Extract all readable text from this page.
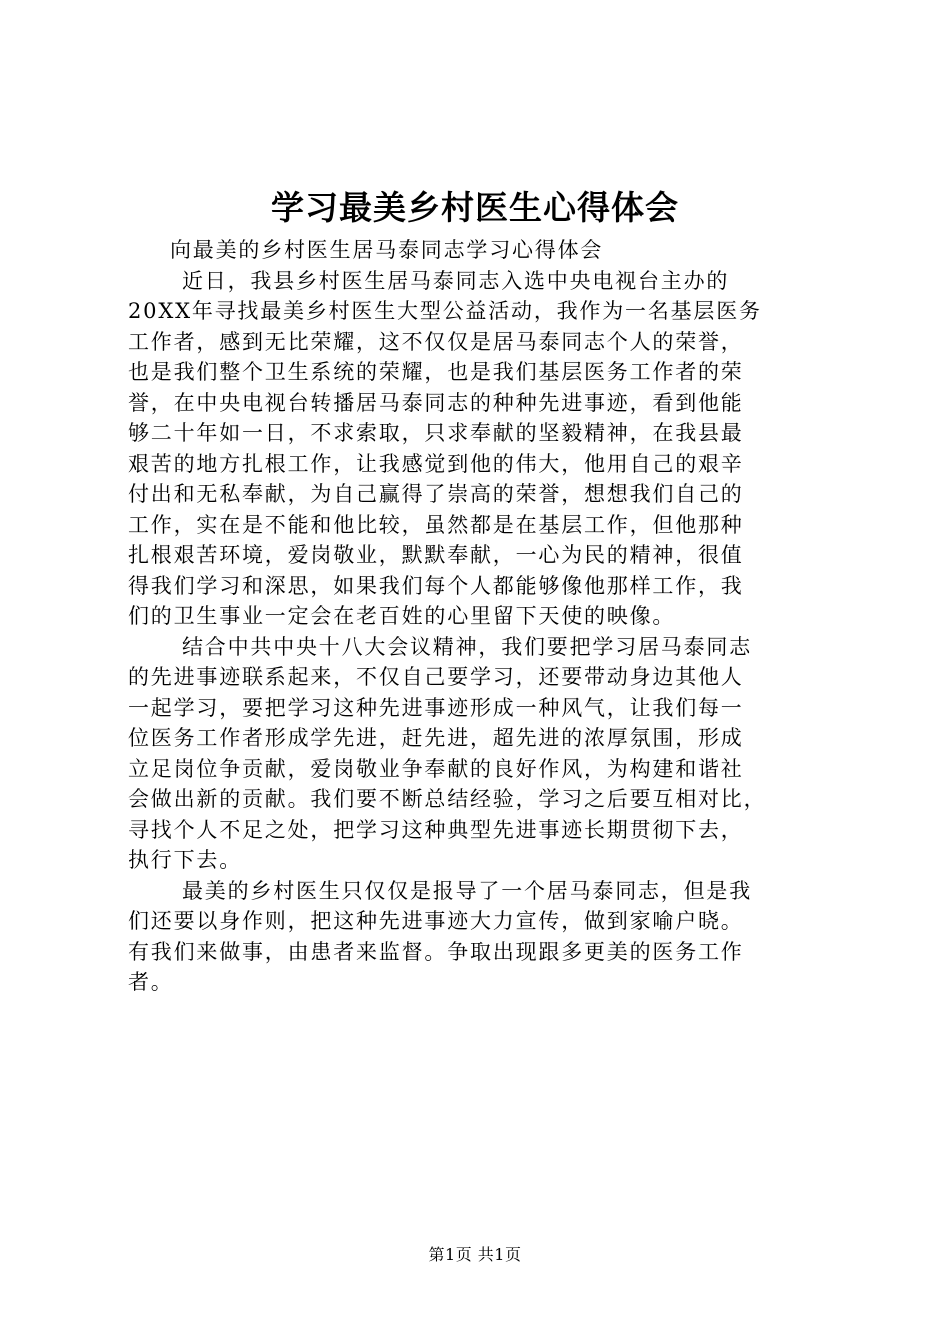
学习最美乡村医生心得体会

向最美的乡村医生居马泰同志学习心得体会

近日，我县乡村医生居马泰同志入选中央电视台主办的
20XX年寻找最美乡村医生大型公益活动，我作为一名基层医务
工作者，感到无比荣耀，这不仅仅是居马泰同志个人的荣誉，
也是我们整个卫生系统的荣耀，也是我们基层医务工作者的荣
誉，在中央电视台转播居马泰同志的种种先进事迹，看到他能
够二十年如一日，不求索取，只求奉献的坚毅精神，在我县最
艰苦的地方扎根工作，让我感觉到他的伟大，他用自己的艰辛
付出和无私奉献，为自己赢得了崇高的荣誉，想想我们自己的
工作，实在是不能和他比较，虽然都是在基层工作，但他那种
扎根艰苦环境，爱岗敬业，默默奉献，一心为民的精神，很值
得我们学习和深思，如果我们每个人都能够像他那样工作，我
们的卫生事业一定会在老百姓的心里留下天使的映像。

结合中共中央十八大会议精神，我们要把学习居马泰同志
的先进事迹联系起来，不仅自己要学习，还要带动身边其他人
一起学习，要把学习这种先进事迹形成一种风气，让我们每一
位医务工作者形成学先进，赶先进，超先进的浓厚氛围，形成
立足岗位争贡献，爱岗敬业争奉献的良好作风，为构建和谐社
会做出新的贡献。我们要不断总结经验，学习之后要互相对比，
寻找个人不足之处，把学习这种典型先进事迹长期贯彻下去，
执行下去。

最美的乡村医生只仅仅是报导了一个居马泰同志，但是我
们还要以身作则，把这种先进事迹大力宣传，做到家喻户晓。
有我们来做事，由患者来监督。争取出现跟多更美的医务工作
者。

第1页 共1页
